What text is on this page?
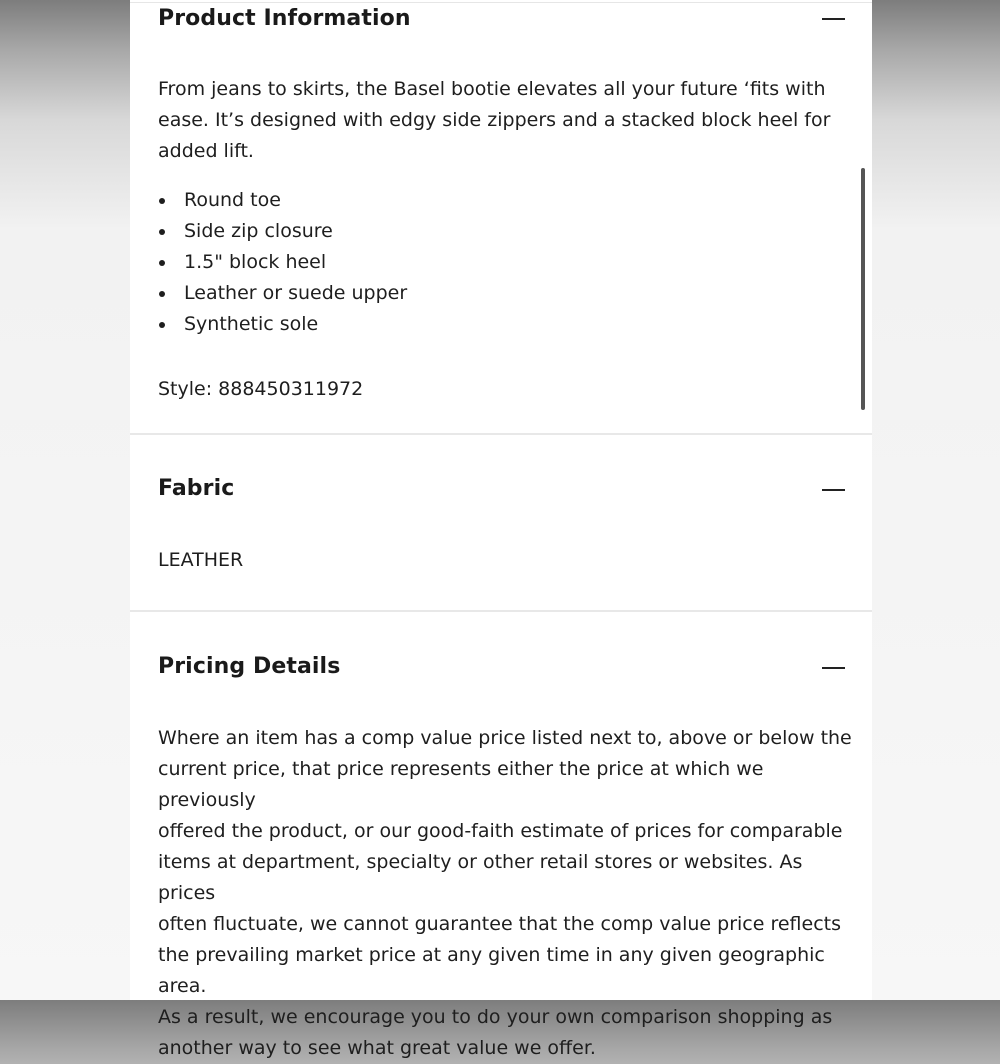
Product Information
From jeans to skirts, the Basel bootie elevates all your future ‘fits with
ease. It’s designed with edgy side zippers and a stacked block heel for
added lift.
Round toe
Side zip closure
1.5" block heel
Leather or suede upper
Synthetic sole
Style: 888450311972
Fabric
LEATHER
Pricing Details
Where an item has a comp value price listed next to, above or below the
current price, that price represents either the price at which we previously
offered the product, or our good-faith estimate of prices for comparable
items at department, specialty or other retail stores or websites. As prices
often fluctuate, we cannot guarantee that the comp value price reflects
the prevailing market price at any given time in any given geographic area.
As a result, we encourage you to do your own comparison shopping as
another way to see what great value we offer.
